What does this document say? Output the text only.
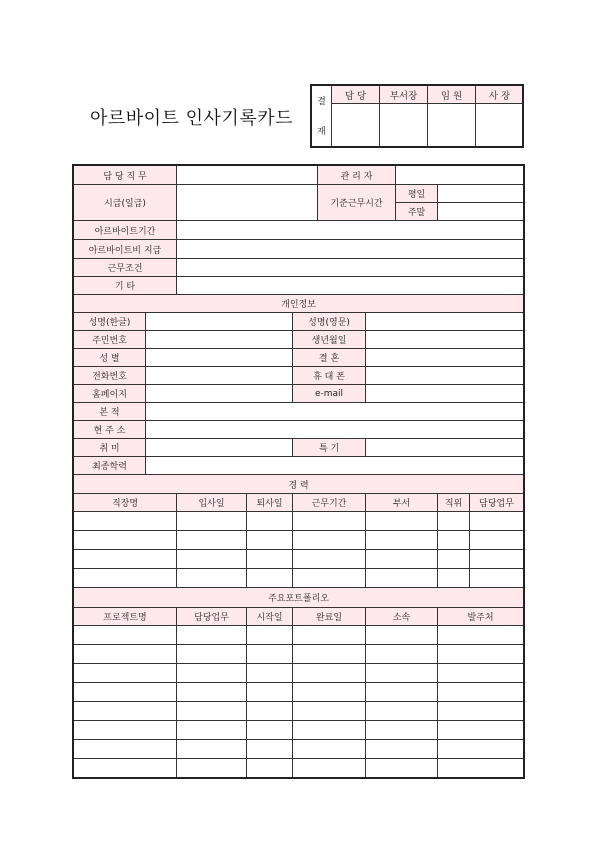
아르바이트 인사기록카드
결
재	담 당	부서장	임 원	사 장

담 당 직 무					관 리 자				
시급(일급)					기준근무시간		평일		
							주말		
아르바이트기간									
아르바이트비 지급									
근무조건									
기 타									
개인정보									
성명(한글)				성명(영문)					
주민번호				생년월일					
성 별				결 혼					
전화번호				휴 대 폰					
홈페이지				e-mail					
본 적									
현 주 소									
취 미				특 기					
최종학력									
경 력									
직장명		입사일	퇴사일	근무기간		부서		직위	담당업무

주요포트폴리오									
프로젝트명		담당업무	시작일	완료일		소속		발주처	
